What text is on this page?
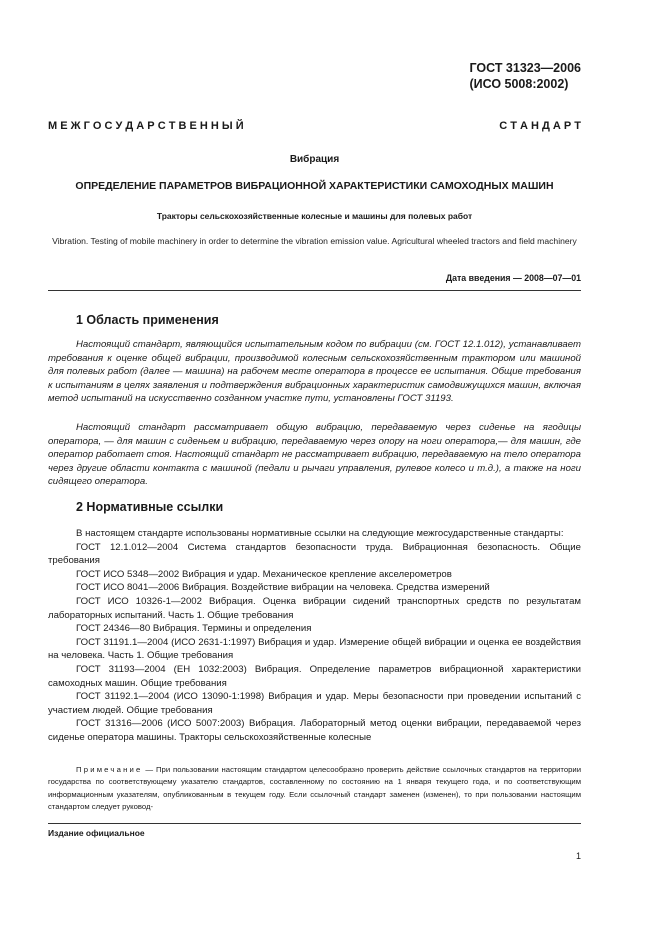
ГОСТ 31323—2006
(ИСО 5008:2002)
М Е Ж Г О С У Д А Р С Т В Е Н Н Ы Й	С Т А Н Д А Р Т
Вибрация
ОПРЕДЕЛЕНИЕ ПАРАМЕТРОВ ВИБРАЦИОННОЙ ХАРАКТЕРИСТИКИ САМОХОДНЫХ МАШИН
Тракторы сельскохозяйственные колесные и машины для полевых работ
Vibration. Testing of mobile machinery in order to determine the vibration emission value. Agricultural wheeled tractors and field machinery
Дата введения — 2008—07—01
1 Область применения
Настоящий стандарт, являющийся испытательным кодом по вибрации (см. ГОСТ 12.1.012), устанавливает требования к оценке общей вибрации, производимой колесным сельскохозяйственным трактором или машиной для полевых работ (далее — машина) на рабочем месте оператора в процессе ее испытания. Общие требования к испытаниям в целях заявления и подтверждения вибрационных характеристик самодвижущихся машин, включая метод испытаний на искусственно созданном участке пути, установлены ГОСТ 31193.
Настоящий стандарт рассматривает общую вибрацию, передаваемую через сиденье на ягодицы оператора, — для машин с сиденьем и вибрацию, передаваемую через опору на ноги оператора,— для машин, где оператор работает стоя. Настоящий стандарт не рассматривает вибрацию, передаваемую на тело оператора через другие области контакта с машиной (педали и рычаги управления, рулевое колесо и т.д.), а также на ноги сидящего оператора.
2 Нормативные ссылки

В настоящем стандарте использованы нормативные ссылки на следующие межгосударственные стандарты:

ГОСТ 12.1.012—2004 Система стандартов безопасности труда. Вибрационная безопасность. Общие требования

ГОСТ ИСО 5348—2002 Вибрация и удар. Механическое крепление акселерометров

ГОСТ ИСО 8041—2006 Вибрация. Воздействие вибрации на человека. Средства измерений

ГОСТ ИСО 10326-1—2002 Вибрация. Оценка вибрации сидений транспортных средств по результатам лабораторных испытаний. Часть 1. Общие требования

ГОСТ 24346—80 Вибрация. Термины и определения

ГОСТ 31191.1—2004 (ИСО 2631-1:1997) Вибрация и удар. Измерение общей вибрации и оценка ее воздействия на человека. Часть 1. Общие требования

ГОСТ 31193—2004 (ЕН 1032:2003) Вибрация. Определение параметров вибрационной характеристики самоходных машин. Общие требования

ГОСТ 31192.1—2004 (ИСО 13090-1:1998) Вибрация и удар. Меры безопасности при проведении испытаний с участием людей. Общие требования

ГОСТ 31316—2006 (ИСО 5007:2003) Вибрация. Лабораторный метод оценки вибрации, передаваемой через сиденье оператора машины. Тракторы сельскохозяйственные колесные

Примечание — При пользовании настоящим стандартом целесообразно проверить действие ссылочных стандартов на территории государства по соответствующему указателю стандартов, составленному по состоянию на 1 января текущего года, и по соответствующим информационным указателям, опубликованным в текущем году. Если ссылочный стандарт заменен (изменен), то при пользовании настоящим стандартом следует руковод-
Издание официальное
1
